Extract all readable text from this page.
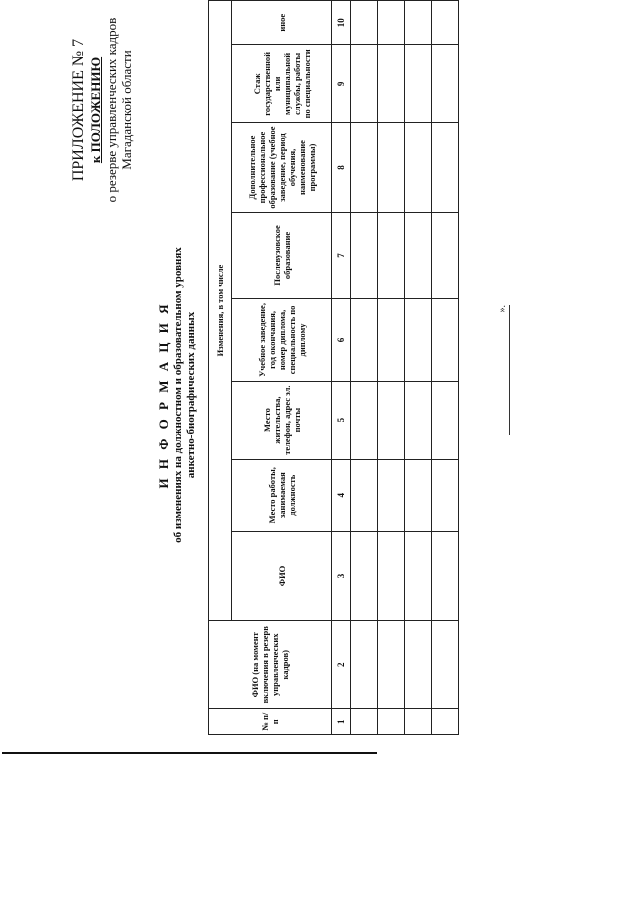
ПРИЛОЖЕНИЕ № 7 к ПОЛОЖЕНИЮ о резерве управленческих кадров Магаданской области
И Н Ф О Р М А Ц И Я об изменениях на должностном и образовательном уровнях анкетно-биографических данных
№ п/п	ФИО (на момент включения в резерв управленческих кадров)	Изменения, в том числе							
		ФИО	Место работы, занимаемая должность	Место жительства, телефон, адрес эл. почты	Учебное заведение, год окончания, номер диплома, специальность по диплому	Послевузовское образование	Дополнительное профессиональное образование (учебное заведение, период обучения, наименование программы)	Стаж государственной или муниципальной службы, работы по специальности	иное
1	2	3	4	5	6	7	8	9	10

».
